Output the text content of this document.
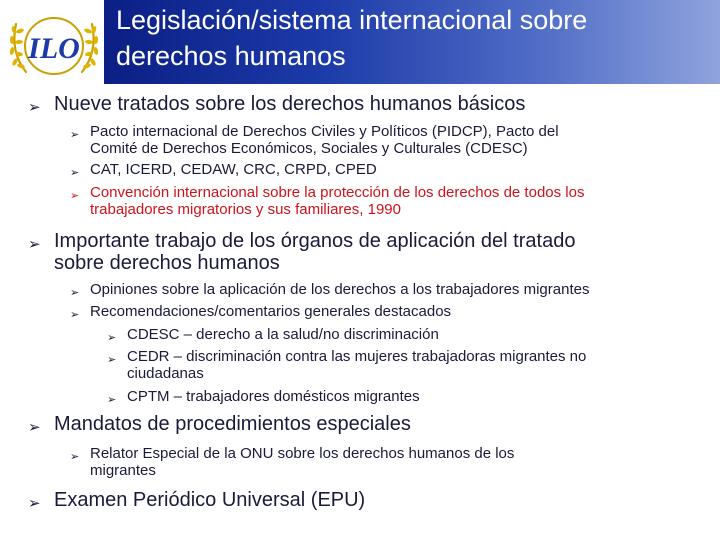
ILO
Legislación/sistema internacional sobre
derechos humanos
➢ Nueve tratados sobre los derechos humanos básicos
➢ Pacto internacional de Derechos Civiles y Políticos (PIDCP), Pacto del
Comité de Derechos Económicos, Sociales y Culturales (CDESC)
➢ CAT, ICERD, CEDAW, CRC, CRPD, CPED
➢ Convención internacional sobre la protección de los derechos de todos los
trabajadores migratorios y sus familiares, 1990
➢ Importante trabajo de los órganos de aplicación del tratado
sobre derechos humanos
➢ Opiniones sobre la aplicación de los derechos a los trabajadores migrantes
➢ Recomendaciones/comentarios generales destacados
➢ CDESC – derecho a la salud/no discriminación
➢ CEDR – discriminación contra las mujeres trabajadoras migrantes no
ciudadanas
➢ CPTM – trabajadores domésticos migrantes
➢ Mandatos de procedimientos especiales
➢ Relator Especial de la ONU sobre los derechos humanos de los
migrantes
➢ Examen Periódico Universal (EPU)
